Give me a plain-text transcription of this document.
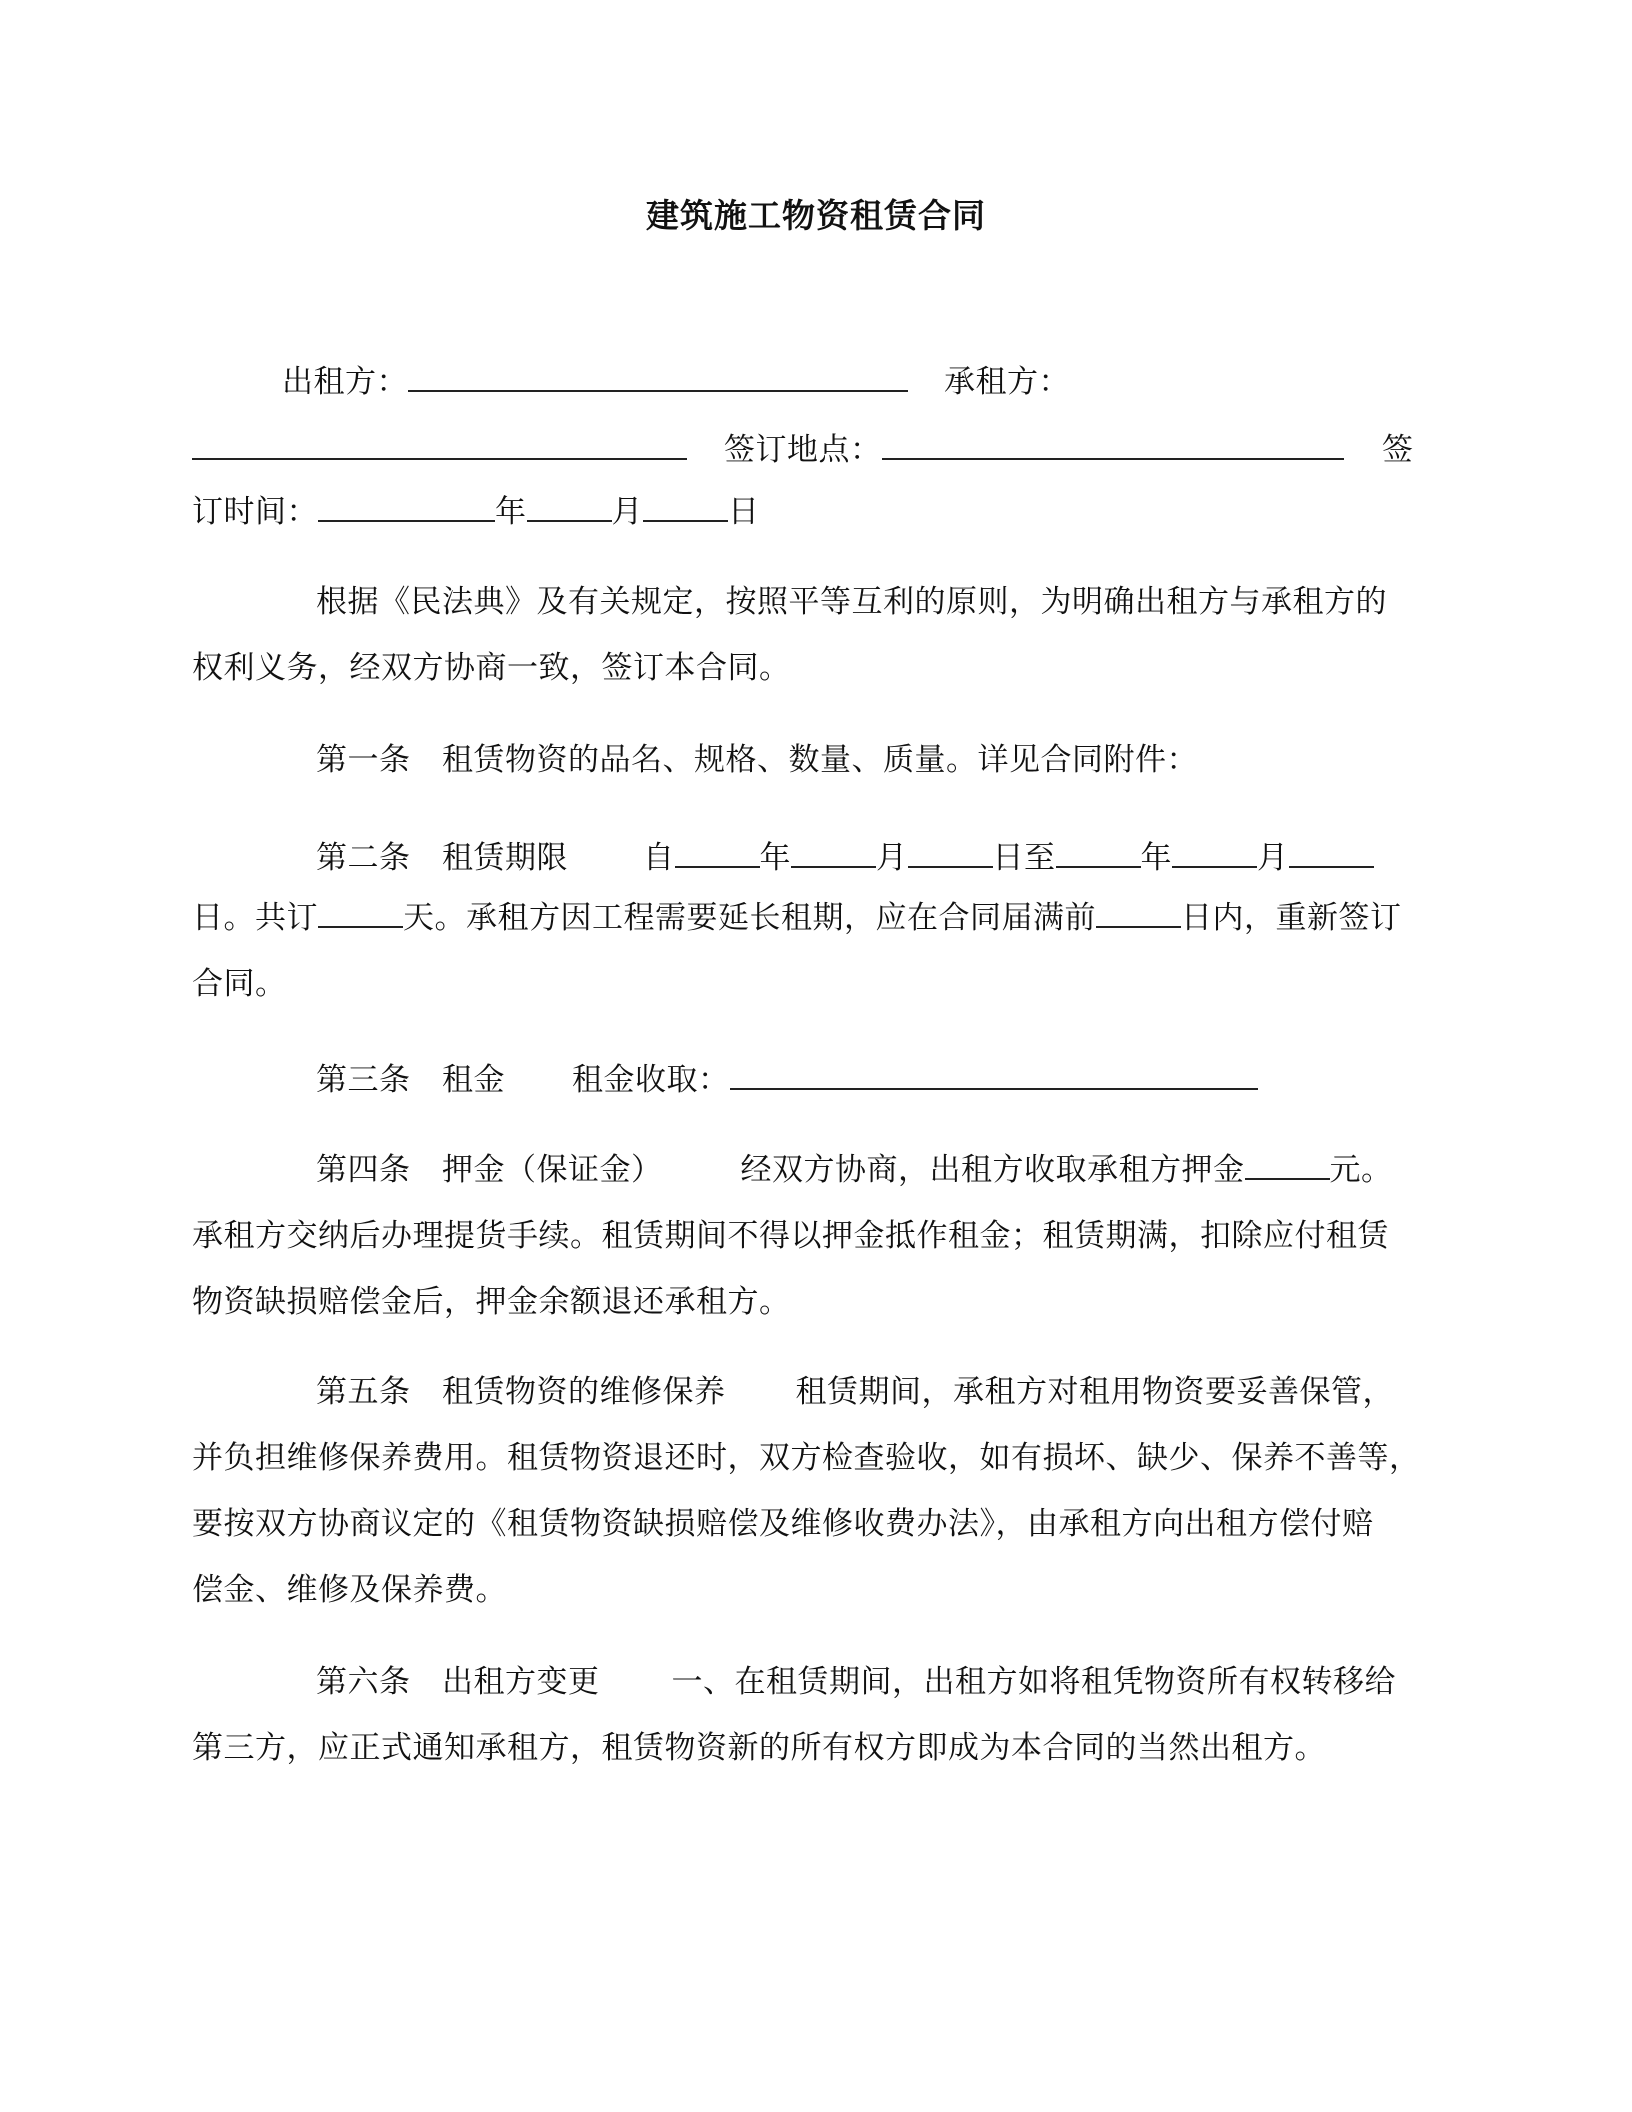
建筑施工物资租赁合同
出租方：	承租方：
签订地点：	签
订时间：	年	月	日
根据《民法典》及有关规定，按照平等互利的原则，为明确出租方与承租方的
权利义务，经双方协商一致，签订本合同。
第一条　租赁物资的品名、规格、数量、质量。详见合同附件：
第二条　租赁期限 自	年	月	日至	年	月
日。共订	天。承租方因工程需要延长租期，应在合同届满前	日内，重新签订
合同。
第三条　租金 租金收取：
第四条　押金（保证金）	经双方协商，出租方收取承租方押金	元。
承租方交纳后办理提货手续。租赁期间不得以押金抵作租金；租赁期满，扣除应付租赁
物资缺损赔偿金后，押金余额退还承租方。
第五条　租赁物资的维修保养 租赁期间，承租方对租用物资要妥善保管，
并负担维修保养费用。租赁物资退还时，双方检查验收，如有损坏、缺少、保养不善等，
要按双方协商议定的《租赁物资缺损赔偿及维修收费办法》，由承租方向出租方偿付赔
偿金、维修及保养费。
第六条　出租方变更 一、在租赁期间，出租方如将租凭物资所有权转移给
第三方，应正式通知承租方，租赁物资新的所有权方即成为本合同的当然出租方。
